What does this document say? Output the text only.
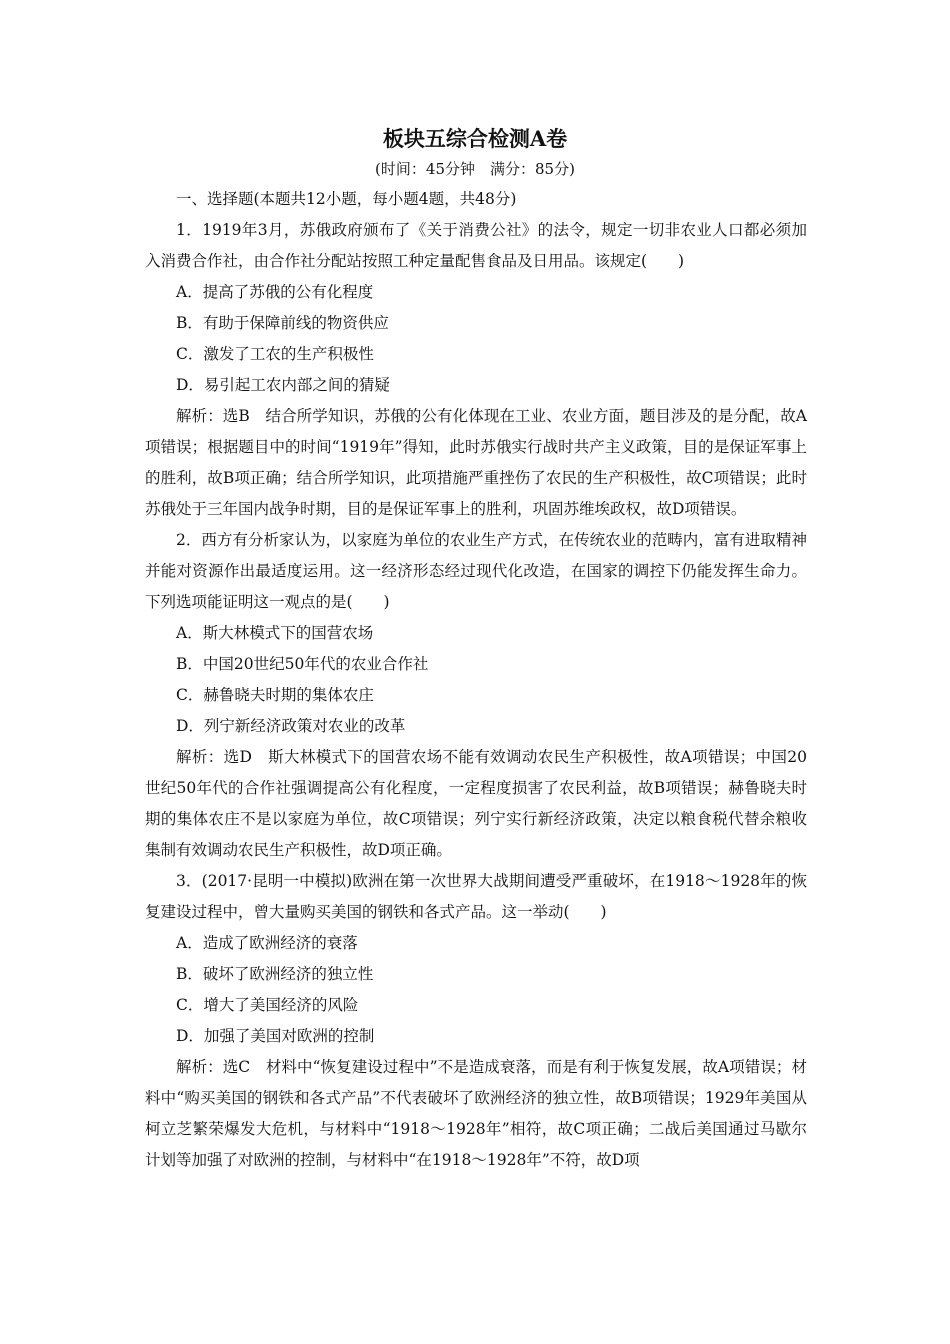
板块五综合检测A卷
(时间：45分钟　满分：85分)

一、选择题(本题共12小题，每小题4题，共48分)

1．1919年3月，苏俄政府颁布了《关于消费公社》的法令，规定一切非农业人口都必须加入消费合作社，由合作社分配站按照工种定量配售食品及日用品。该规定(　　)

A．提高了苏俄的公有化程度

B．有助于保障前线的物资供应

C．激发了工农的生产积极性

D．易引起工农内部之间的猜疑

解析：选B　结合所学知识，苏俄的公有化体现在工业、农业方面，题目涉及的是分配，故A项错误；根据题目中的时间“1919年”得知，此时苏俄实行战时共产主义政策，目的是保证军事上的胜利，故B项正确；结合所学知识，此项措施严重挫伤了农民的生产积极性，故C项错误；此时苏俄处于三年国内战争时期，目的是保证军事上的胜利，巩固苏维埃政权，故D项错误。

2．西方有分析家认为，以家庭为单位的农业生产方式，在传统农业的范畴内，富有进取精神并能对资源作出最适度运用。这一经济形态经过现代化改造，在国家的调控下仍能发挥生命力。下列选项能证明这一观点的是(　　)

A．斯大林模式下的国营农场

B．中国20世纪50年代的农业合作社

C．赫鲁晓夫时期的集体农庄

D．列宁新经济政策对农业的改革

解析：选D　斯大林模式下的国营农场不能有效调动农民生产积极性，故A项错误；中国20世纪50年代的合作社强调提高公有化程度，一定程度损害了农民利益，故B项错误；赫鲁晓夫时期的集体农庄不是以家庭为单位，故C项错误；列宁实行新经济政策，决定以粮食税代替余粮收集制有效调动农民生产积极性，故D项正确。

3．(2017·昆明一中模拟)欧洲在第一次世界大战期间遭受严重破坏，在1918～1928年的恢复建设过程中，曾大量购买美国的钢铁和各式产品。这一举动(　　)

A．造成了欧洲经济的衰落

B．破坏了欧洲经济的独立性

C．增大了美国经济的风险

D．加强了美国对欧洲的控制

解析：选C　材料中“恢复建设过程中”不是造成衰落，而是有利于恢复发展，故A项错误；材料中“购买美国的钢铁和各式产品”不代表破坏了欧洲经济的独立性，故B项错误；1929年美国从柯立芝繁荣爆发大危机，与材料中“1918～1928年”相符，故C项正确；二战后美国通过马歇尔计划等加强了对欧洲的控制，与材料中“在1918～1928年”不符，故D项
